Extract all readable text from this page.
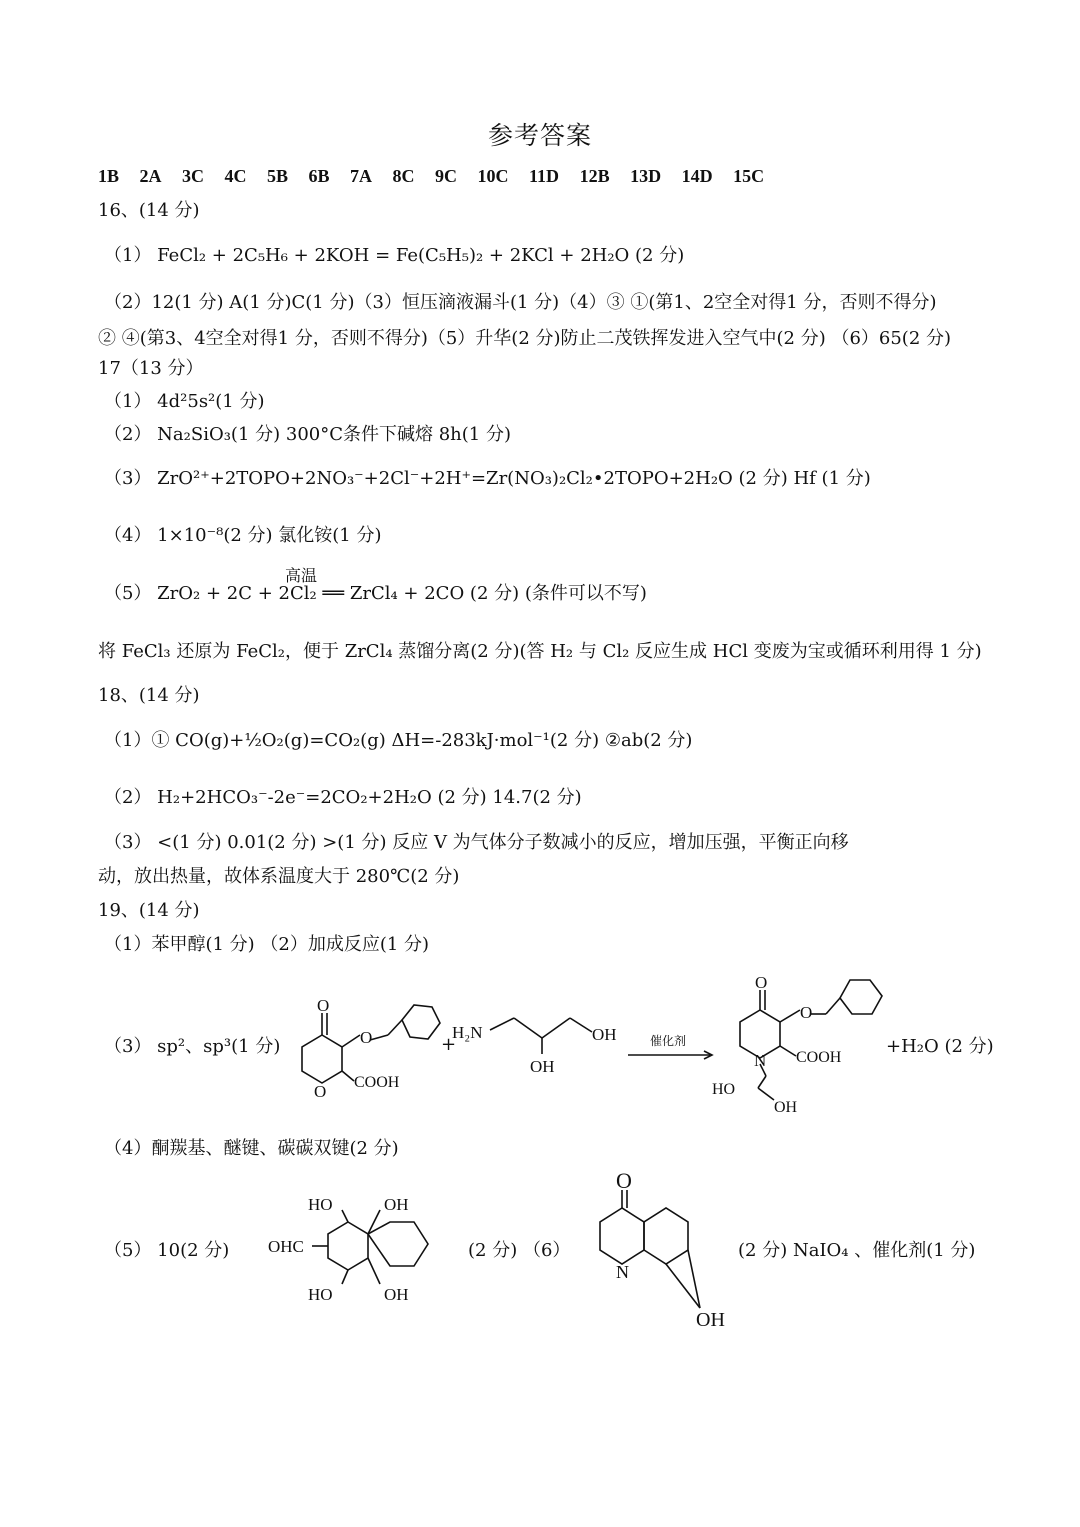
参考答案
1B 2A 3C 4C 5B 6B 7A 8C 9C 10C 11D 12B 13D 14D 15C
16、(14 分)
（1） FeCl₂ + 2C₅H₆ + 2KOH = Fe(C₅H₅)₂ + 2KCl + 2H₂O (2 分)
（2）12(1 分) A(1 分)C(1 分)（3）恒压滴液漏斗(1 分)（4）③ ①(第1、2空全对得1 分，否则不得分)
② ④(第3、4空全对得1 分，否则不得分)（5）升华(2 分)防止二茂铁挥发进入空气中(2 分) （6）65(2 分)
17（13 分）
（1） 4d²5s²(1 分)
（2） Na₂SiO₃(1 分) 300°C条件下碱熔 8h(1 分)
（3） ZrO²⁺+2TOPO+2NO₃⁻+2Cl⁻+2H⁺=Zr(NO₃)₂Cl₂•2TOPO+2H₂O (2 分) Hf (1 分)
（4） 1×10⁻⁸(2 分) 氯化铵(1 分)
高温
（5） ZrO₂ + 2C + 2Cl₂ ══ ZrCl₄ + 2CO (2 分) (条件可以不写)
将 FeCl₃ 还原为 FeCl₂，便于 ZrCl₄ 蒸馏分离(2 分)(答 H₂ 与 Cl₂ 反应生成 HCl 变废为宝或循环利用得 1 分)
18、(14 分)
（1）① CO(g)+½O₂(g)=CO₂(g) ΔH=-283kJ·mol⁻¹(2 分) ②ab(2 分)
（2） H₂+2HCO₃⁻-2e⁻=2CO₂+2H₂O (2 分) 14.7(2 分)
（3） <(1 分) 0.01(2 分) >(1 分) 反应 V 为气体分子数减小的反应，增加压强，平衡正向移
动，放出热量，故体系温度大于 280℃(2 分)
19、(14 分)
（1）苯甲醇(1 分) （2）加成反应(1 分)
（3） sp²、sp³(1 分)	+H₂O (2 分)
（4）酮羰基、醚键、碳碳双键(2 分)
（5） 10(2 分)	(2 分) （6）	(2 分) NaIO₄ 、催化剂(1 分)
O
O
O COOH
+
H₂N	OH
OH
催化剂
O
O
N COOH
HO
OH
HO	OH
OHC
HO	OH
O
N
OH
